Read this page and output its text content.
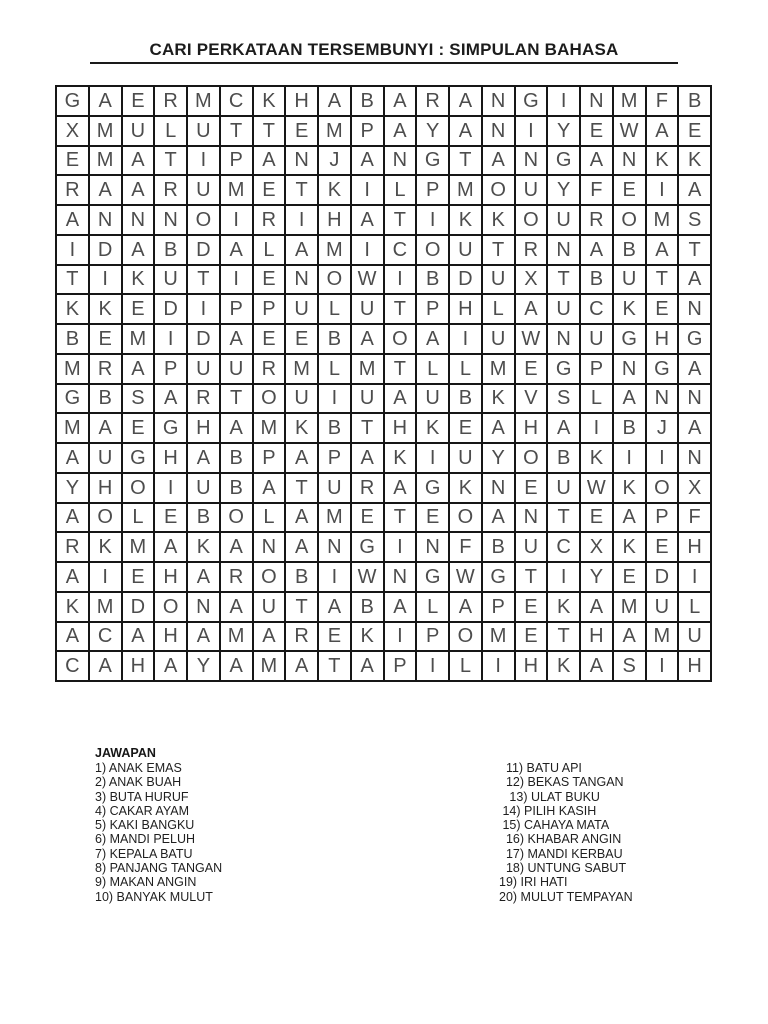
CARI PERKATAAN TERSEMBUNYI : SIMPULAN BAHASA
G	A	E	R	M	C	K	H	A	B	A	R	A	N	G	I	N	M	F	B
X	M	U	L	U	T	T	E	M	P	A	Y	A	N	I	Y	E	W	A	E
E	M	A	T	I	P	A	N	J	A	N	G	T	A	N	G	A	N	K	K
R	A	A	R	U	M	E	T	K	I	L	P	M	O	U	Y	F	E	I	A
A	N	N	N	O	I	R	I	H	A	T	I	K	K	O	U	R	O	M	S
I	D	A	B	D	A	L	A	M	I	C	O	U	T	R	N	A	B	A	T
T	I	K	U	T	I	E	N	O	W	I	B	D	U	X	T	B	U	T	A
K	K	E	D	I	P	P	U	L	U	T	P	H	L	A	U	C	K	E	N
B	E	M	I	D	A	E	E	B	A	O	A	I	U	W	N	U	G	H	G
M	R	A	P	U	U	R	M	L	M	T	L	L	M	E	G	P	N	G	A
G	B	S	A	R	T	O	U	I	U	A	U	B	K	V	S	L	A	N	N
M	A	E	G	H	A	M	K	B	T	H	K	E	A	H	A	I	B	J	A
A	U	G	H	A	B	P	A	P	A	K	I	U	Y	O	B	K	I	I	N
Y	H	O	I	U	B	A	T	U	R	A	G	K	N	E	U	W	K	O	X
A	O	L	E	B	O	L	A	M	E	T	E	O	A	N	T	E	A	P	F
R	K	M	A	K	A	N	A	N	G	I	N	F	B	U	C	X	K	E	H
A	I	E	H	A	R	O	B	I	W	N	G	W	G	T	I	Y	E	D	I
K	M	D	O	N	A	U	T	A	B	A	L	A	P	E	K	A	M	U	L
A	C	A	H	A	M	A	R	E	K	I	P	O	M	E	T	H	A	M	U
C	A	H	A	Y	A	M	A	T	A	P	I	L	I	H	K	A	S	I	H
JAWAPAN
1) ANAK EMAS
2) ANAK BUAH
3) BUTA HURUF
4) CAKAR AYAM
5) KAKI BANGKU
6) MANDI PELUH
7) KEPALA BATU
8) PANJANG TANGAN
9) MAKAN ANGIN
10) BANYAK MULUT
11) BATU API
12) BEKAS TANGAN
13) ULAT BUKU
14) PILIH KASIH
15) CAHAYA MATA
16) KHABAR ANGIN
17) MANDI KERBAU
18) UNTUNG SABUT
19) IRI HATI
20) MULUT TEMPAYAN
